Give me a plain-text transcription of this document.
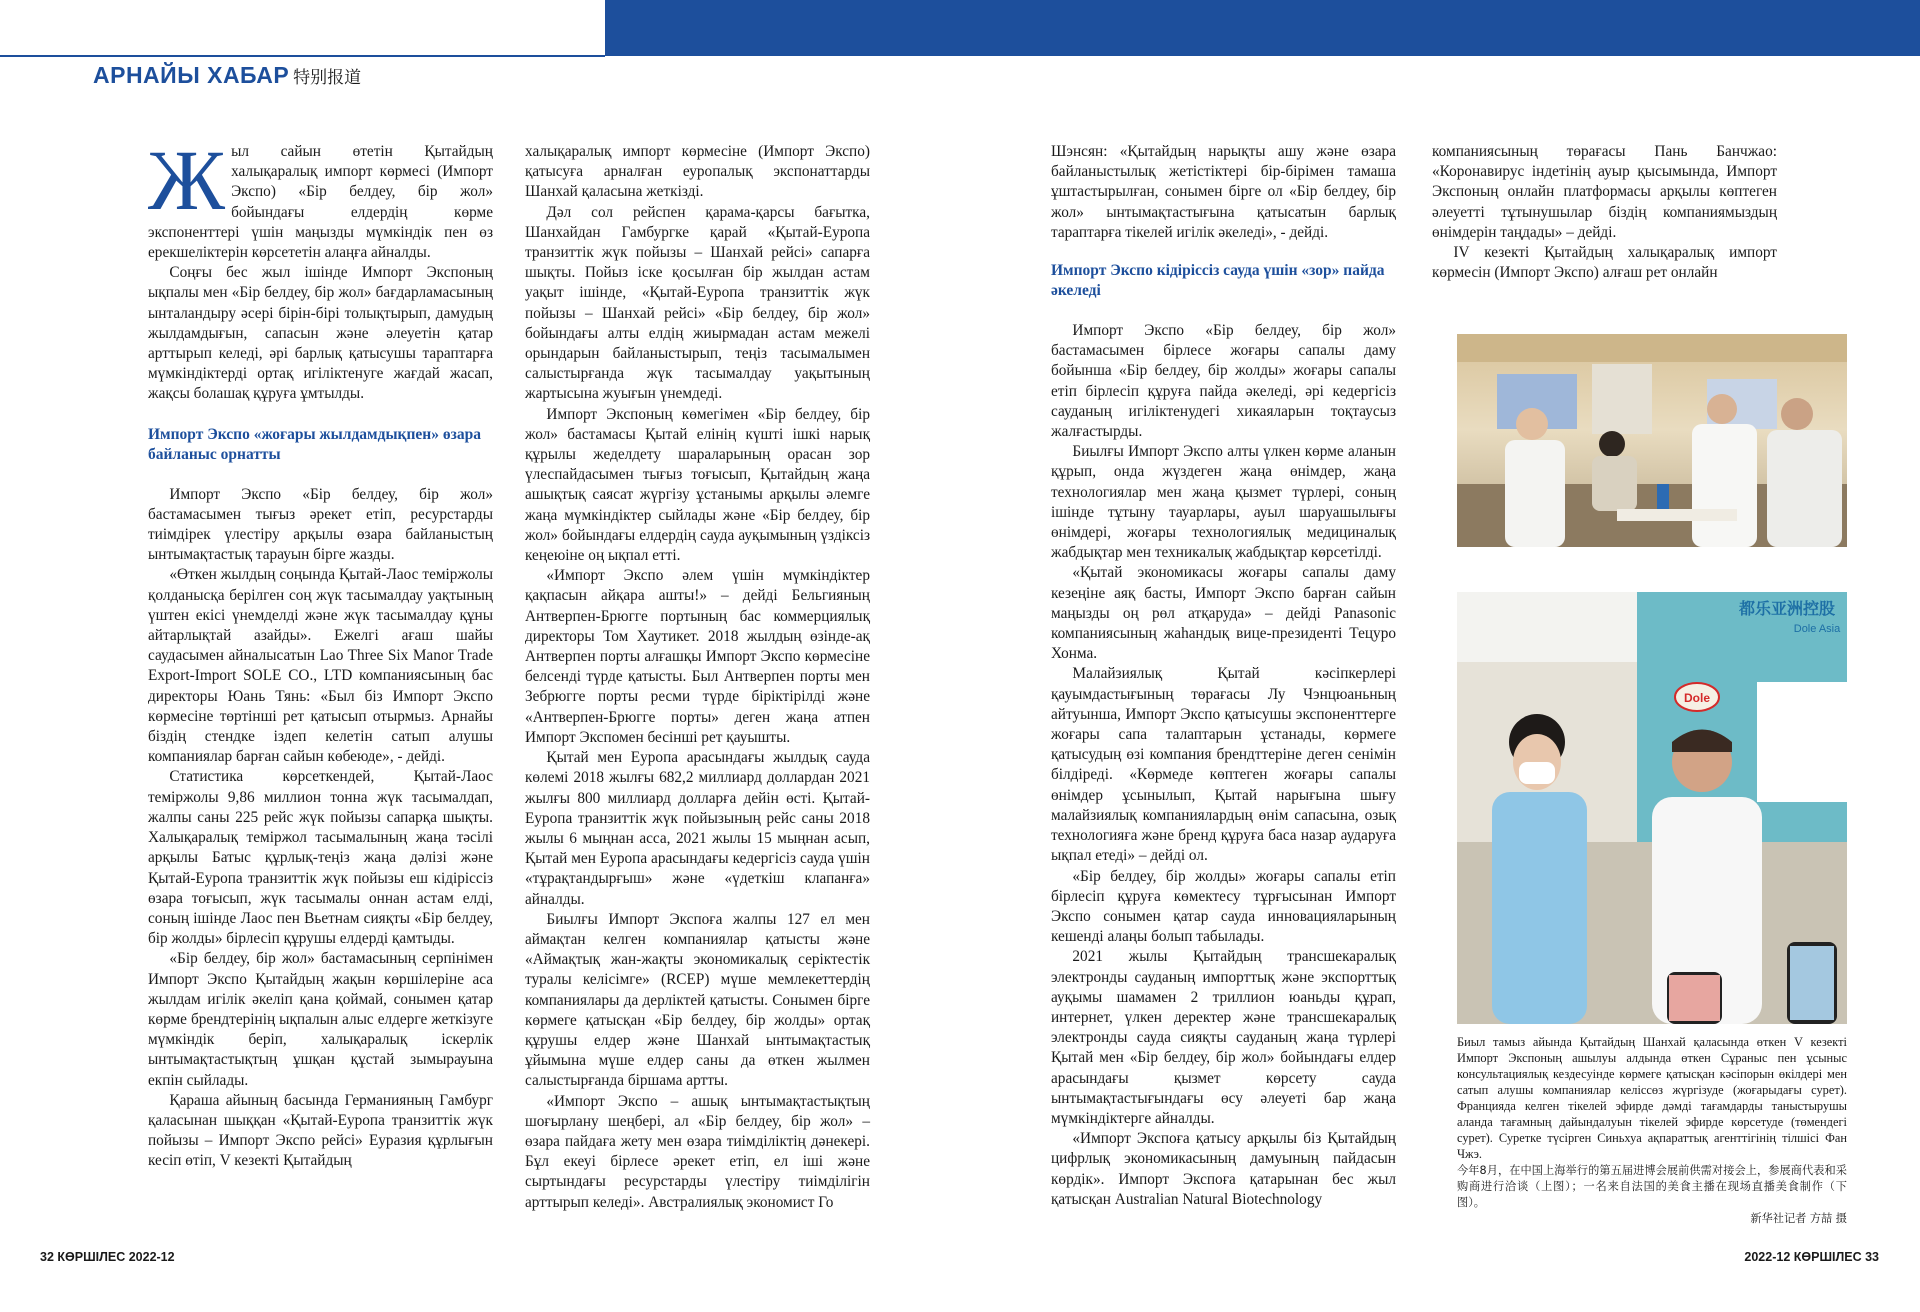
АРНАЙЫ ХАБАР 特别报道

Жыл сайын өтетін Қытайдың халықаралық импорт көрмесі (Импорт Экспо) «Бір белдеу, бір жол» бойындағы елдердің көрме экспоненттері үшін маңызды мүмкіндік пен өз ерекшеліктерін көрсететін алаңға айналды.

Соңғы бес жыл ішінде Импорт Экспоның ықпалы мен «Бір белдеу, бір жол» бағдарламасының ынталандыру әсері бірін-бірі толықтырып, дамудың жылдамдығын, сапасын және әлеуетін қатар арттырып келеді, әрі барлық қатысушы тараптарға мүмкіндіктерді ортақ игіліктенуге жағдай жасап, жақсы болашақ құруға ұмтылды.

Импорт Экспо «жоғары жылдамдықпен» өзара байланыс орнатты

Импорт Экспо «Бір белдеу, бір жол» бастамасымен тығыз әрекет етіп, ресурстарды тиімдірек үлестіру арқылы өзара байланыстың ынтымақтастық тарауын бірге жазды.

«Өткен жылдың соңында Қытай-Лаос теміржолы қолданысқа берілген соң жүк тасымалдау уақтының үштен екісі үнемделді және жүк тасымалдау құны айтарлықтай азайды». Ежелгі ағаш шайы саудасымен айналысатын Lao Three Six Manor Trade Export-Import SOLE CO., LTD компаниясының бас директоры Юань Тянь: «Был біз Импорт Экспо көрмесіне төртінші рет қатысып отырмыз. Арнайы біздің стендке іздеп келетін сатып алушы компаниялар барған сайын көбеюде», - дейді.

Статистика көрсеткендей, Қытай-Лаос теміржолы 9,86 миллион тонна жүк тасымалдап, жалпы саны 225 рейс жүк пойызы сапарқа шықты. Халықаралық теміржол тасымалының жаңа тәсілі арқылы Батыс құрлық-теңіз жаңа дәлізі және Қытай-Еуропа транзиттік жүк пойызы еш кідіріссіз өзара тоғысып, жүк тасымалы оннан астам елді, соның ішінде Лаос пен Вьетнам сияқты «Бір белдеу, бір жолды» бірлесіп құрушы елдерді қамтыды.

«Бір белдеу, бір жол» бастамасының серпінімен Импорт Экспо Қытайдың жақын көршілеріне аса жылдам игілік әкеліп қана қоймай, сонымен қатар көрме брендтерінің ықпалын алыс елдерге жеткізуге мүмкіндік беріп, халықаралық іскерлік ынтымақтастықтың ұшқан құстай зымырауына екпін сыйлады.

Қараша айының басында Германияның Гамбург қаласынан шыққан «Қытай-Еуропа транзиттік жүк пойызы – Импорт Экспо рейсі» Еуразия құрлығын кесіп өтіп, V кезекті Қытайдың

халықаралық импорт көрмесіне (Импорт Экспо) қатысуға арналған еуропалық экспонаттарды Шанхай қаласына жеткізді.

Дәл сол рейспен қарама-қарсы бағытка, Шанхайдан Гамбургке қарай «Қытай-Еуропа транзиттік жүк пойызы – Шанхай рейсі» сапарға шықты. Пойыз іске қосылған бір жылдан астам уақыт ішінде, «Қытай-Еуропа транзиттік жүк пойызы – Шанхай рейсі» «Бір белдеу, бір жол» бойындағы алты елдің жиырмадан астам межелі орындарын байланыстырып, теңіз тасымалымен салыстырғанда жүк тасымалдау уақытының жартысына жуығын үнемдеді.

Импорт Экспоның көмегімен «Бір белдеу, бір жол» бастамасы Қытай елінің күшті ішкі нарық құрылы жеделдету шараларының орасан зор үлеспайдасымен тығыз тоғысып, Қытайдың жаңа ашықтық саясат жүргізу ұстанымы арқылы әлемге жаңа мүмкіндіктер сыйлады және «Бір белдеу, бір жол» бойындағы елдердің сауда ауқымының үздіксіз кеңеюіне оң ықпал етті.

«Импорт Экспо әлем үшін мүмкіндіктер қақпасын айқара ашты!» – дейді Бельгияның Антверпен-Брюгге портының бас коммерциялық директоры Том Хаутикет. 2018 жылдың өзінде-ақ Антверпен порты алғашқы Импорт Экспо көрмесіне белсенді түрде қатысты. Был Антверпен порты мен Зебрюгге порты ресми түрде біріктірілді және «Антверпен-Брюгге порты» деген жаңа атпен Импорт Экспомен бесінші рет қауышты.

Қытай мен Еуропа арасындағы жылдық сауда көлемі 2018 жылғы 682,2 миллиард доллардан 2021 жылғы 800 миллиард долларға дейін өсті. Қытай-Еуропа транзиттік жүк пойызының рейс саны 2018 жылы 6 мыңнан асса, 2021 жылы 15 мыңнан асып, Қытай мен Еуропа арасындағы кедергісіз сауда үшін «тұрақтандырғыш» және «үдеткіш клапанға» айналды.

Биылғы Импорт Экспоға жалпы 127 ел мен аймақтан келген компаниялар қатысты және «Аймақтық жан-жақты экономикалық серіктестік туралы келісімге» (RCEP) мүше мемлекеттердің компаниялары да дерліктей қатысты. Сонымен бірге көрмеге қатысқан «Бір белдеу, бір жолды» ортақ құрушы елдер және Шанхай ынтымақтастық ұйымына мүше елдер саны да өткен жылмен салыстырғанда біршама артты.

«Импорт Экспо – ашық ынтымақтастықтың шоғырлану шеңбері, ал «Бір белдеу, бір жол» – өзара пайдаға жету мен өзара тиімділіктің дәнекері. Бұл екеуі бірлесе әрекет етіп, ел іші және сыртындағы ресурстарды үлестіру тиімділігін арттырып келеді». Австралиялық экономист Го

Шэнсян: «Қытайдың нарықты ашу және өзара байланыстылық жетістіктері бір-бірімен тамаша ұштастырылған, сонымен бірге ол «Бір белдеу, бір жол» ынтымақтастығына қатысатын барлық тараптарға тікелей игілік әкеледі», - дейді.

Импорт Экспо кідіріссіз сауда үшін «зор» пайда әкеледі

Импорт Экспо «Бір белдеу, бір жол» бастамасымен бірлесе жоғары сапалы даму бойынша «Бір белдеу, бір жолды» жоғары сапалы етіп бірлесіп құруға пайда әкеледі, әрі кедергісіз сауданың игіліктенудегі хикаяларын тоқтаусыз жалғастырды.

Биылғы Импорт Экспо алты үлкен көрме аланын құрып, онда жүздеген жаңа өнімдер, жаңа технологиялар мен жаңа қызмет түрлері, соның ішінде тұтыну тауарлары, ауыл шаруашылығы өнімдері, жоғары технологиялық медициналық жабдықтар мен техникалық жабдықтар көрсетілді.

«Қытай экономикасы жоғары сапалы даму кезеңіне аяқ басты, Импорт Экспо барған сайын маңызды оң рөл атқаруда» – дейді Panasonic компаниясының жаһандық вице-президенті Тецуро Хонма.

Малайзиялық Қытай кәсіпкерлері қауымдастығының төрағасы Лу Чэнцюаньның айтуынша, Импорт Экспо қатысушы экспоненттерге жоғары сапа талаптарын ұстанады, көрмеге қатысудың өзі компания брендттеріне деген сенімін білдіреді. «Көрмеде көптеген жоғары сапалы өнімдер ұсынылып, Қытай нарығына шығу малайзиялық компаниялардың өнім сапасына, озық технологияға және бренд құруға баса назар аударуға ықпал етеді» – дейді ол.

«Бір белдеу, бір жолды» жоғары сапалы етіп бірлесіп құруға көмектесу тұрғысынан Импорт Экспо сонымен қатар сауда инновацияларының кешенді алаңы болып табылады.

2021 жылы Қытайдың трансшекаралық электронды сауданың импорттық және экспорттық ауқымы шамамен 2 триллион юаньды құрап, интернет, үлкен деректер және трансшекаралық электронды сауда сияқты сауданың жаңа түрлері Қытай мен «Бір белдеу, бір жол» бойындағы елдер арасындағы қызмет көрсету сауда ынтымақтастығындағы өсу әлеуеті бар жаңа мүмкіндіктерге айналды.

«Импорт Экспоға қатысу арқылы біз Қытайдың цифрлық экономикасының дамуының пайдасын көрдік». Импорт Экспоға қатарынан бес жыл қатысқан Australian Natural Biotechnology

компаниясының төрағасы Пань Банчжао: «Коронавирус індетінің ауыр қысымында, Импорт Экспоның онлайн платформасы арқылы көптеген әлеуетті тұтынушылар біздің компаниямыздың өнімдерін таңдады» – дейді.

IV кезекті Қытайдың халықаралық импорт көрмесін (Импорт Экспо) алғаш рет онлайн

Dole
都乐亚洲控股
Dole Asia

Биыл тамыз айында Қытайдың Шанхай қаласында өткен V кезекті Импорт Экспоның ашылуы алдында өткен Сұраныс пен ұсыныс консультациялық кездесуінде көрмеге қатысқан кәсіпорын өкілдері мен сатып алушы компаниялар келіссөз жүргізуде (жоғарыдағы сурет). Францияда келген тікелей эфирде дәмді тағамдарды таныстырушы аланда тағамның дайындалуын тікелей эфирде көрсетуде (төмендегі сурет). Суретке түсірген Синьхуа ақпараттық агенттігінің тілшісі Фан Чжэ.

今年8月，在中国上海举行的第五届进博会展前供需对接会上，参展商代表和采购商进行洽谈（上图）；一名来自法国的美食主播在现场直播美食制作（下图）。

新华社记者 方喆 摄

32 КӨРШІЛЕС 2022-12	2022-12 КӨРШІЛЕС 33
